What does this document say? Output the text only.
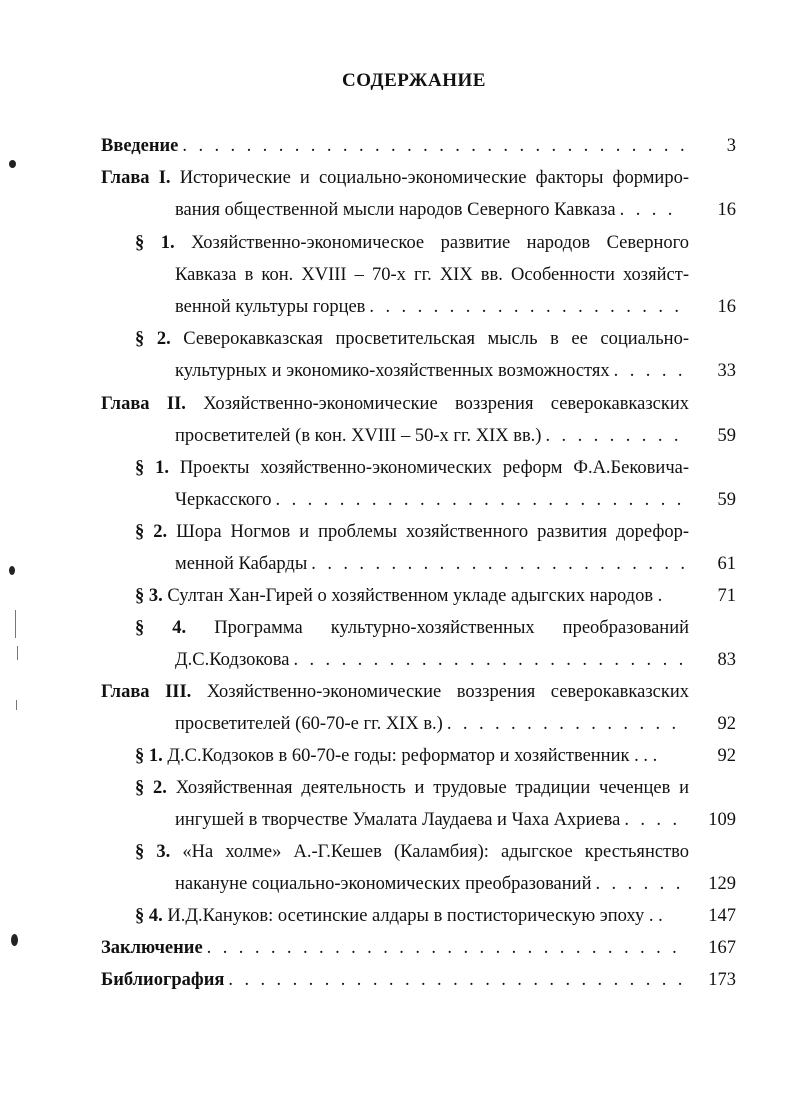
СОДЕРЖАНИЕ
Введение . . .	3
Глава I. Исторические и социально-экономические факторы формиро-
вания общественной мысли народов Северного Кавказа . . .	16
§ 1. Хозяйственно-экономическое развитие народов Северного
Кавказа в кон. XVIII – 70-х гг. XIX вв. Особенности хозяйст-
венной культуры горцев . . .	16
§ 2. Северокавказская просветительская мысль в ее социально-
культурных и экономико-хозяйственных возможностях . . .	33
Глава II. Хозяйственно-экономические воззрения северокавказских
просветителей (в кон. XVIII – 50-х гг. XIX вв.) . . .	59
§ 1. Проекты хозяйственно-экономических реформ Ф.А.Бековича-
Черкасского . . .	59
§ 2. Шора Ногмов и проблемы хозяйственного развития дорефор-
менной Кабарды . . .	61
§ 3. Султан Хан-Гирей о хозяйственном укладе адыгских народов .	71
§ 4. Программа культурно-хозяйственных преобразований
Д.С.Кодзокова . . .	83
Глава III. Хозяйственно-экономические воззрения северокавказских
просветителей (60-70-е гг. XIX в.) . . .	92
§ 1. Д.С.Кодзоков в 60-70-е годы: реформатор и хозяйственник . . .	92
§ 2. Хозяйственная деятельность и трудовые традиции чеченцев и
ингушей в творчестве Умалата Лаудаева и Чаха Ахриева . . .	109
§ 3. «На холме» А.-Г.Кешев (Каламбия): адыгское крестьянство
накануне социально-экономических преобразований . . .	129
§ 4. И.Д.Кануков: осетинские алдары в постисторическую эпоху . .	147
Заключение . . .	167
Библиография . . .	173
